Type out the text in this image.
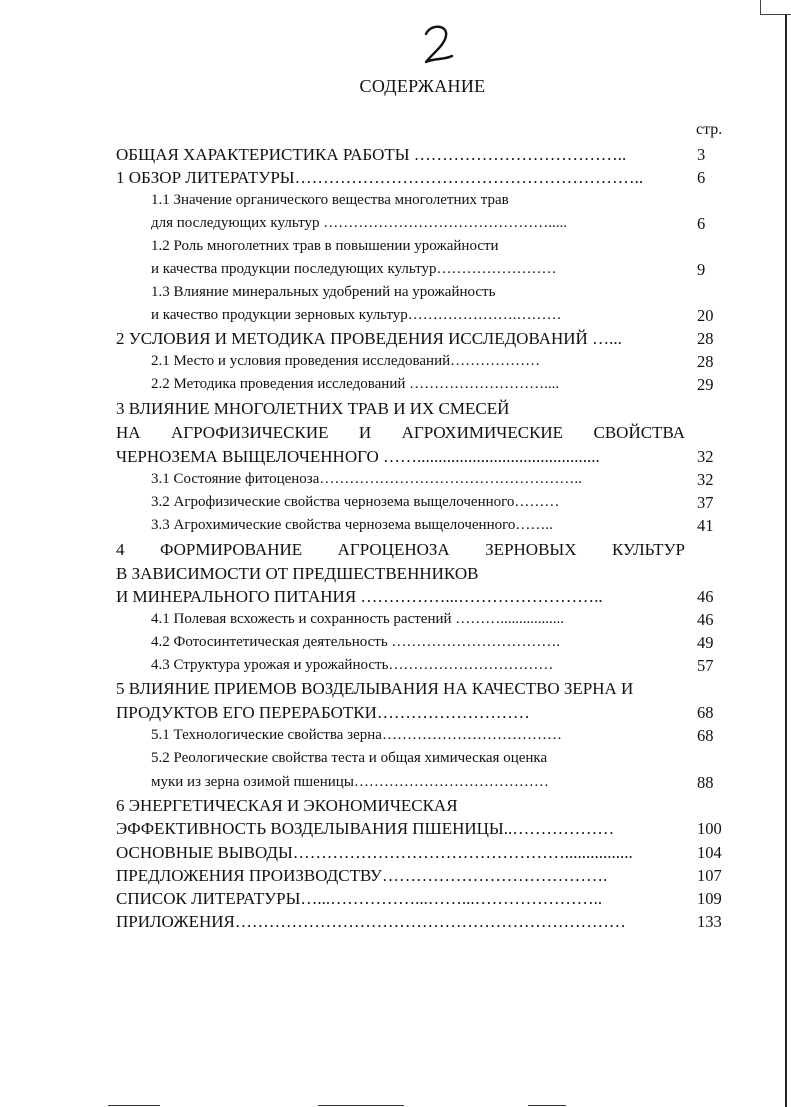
СОДЕРЖАНИЕ
стр.
ОБЩАЯ ХАРАКТЕРИСТИКА РАБОТЫ ………………………………..	3
1 ОБЗОР ЛИТЕРАТУРЫ……………………………………………………..	6
1.1 Значение органического вещества многолетних трав
для последующих культур ……………………………………….....	6
1.2 Роль многолетних трав в повышении урожайности
и качества продукции последующих культур……………………	9
1.3 Влияние минеральных удобрений на урожайность
и качество продукции зерновых культур………………….………	20
2 УСЛОВИЯ И МЕТОДИКА ПРОВЕДЕНИЯ ИССЛЕДОВАНИЙ …...	28
2.1 Место и условия проведения исследований………………	28
2.2 Методика проведения исследований ………………………....	29
3 ВЛИЯНИЕ МНОГОЛЕТНИХ ТРАВ И ИХ СМЕСЕЙ
НА АГРОФИЗИЧЕСКИЕ И АГРОХИМИЧЕСКИЕ СВОЙСТВА
ЧЕРНОЗЕМА ВЫЩЕЛОЧЕННОГО ……...........................................	32
3.1 Состояние фитоценоза……………………………………………..	32
3.2 Агрофизические свойства чернозема выщелоченного………	37
3.3 Агрохимические свойства чернозема выщелоченного……..	41
4 ФОРМИРОВАНИЕ АГРОЦЕНОЗА ЗЕРНОВЫХ КУЛЬТУР
В ЗАВИСИМОСТИ ОТ ПРЕДШЕСТВЕННИКОВ
И МИНЕРАЛЬНОГО ПИТАНИЯ ……………...……………………..	46
4.1 Полевая всхожесть и сохранность растений ……….................	46
4.2 Фотосинтетическая деятельность …………………………….	49
4.3 Структура урожая и урожайность……………………………	57
5 ВЛИЯНИЕ ПРИЕМОВ ВОЗДЕЛЫВАНИЯ НА КАЧЕСТВО ЗЕРНА И
ПРОДУКТОВ ЕГО ПЕРЕРАБОТКИ………………………	68
5.1 Технологические свойства зерна………………………………	68
5.2 Реологические свойства теста и общая химическая оценка
муки из зерна озимой пшеницы…………………………………	88
6 ЭНЕРГЕТИЧЕСКАЯ И ЭКОНОМИЧЕСКАЯ
ЭФФЕКТИВНОСТЬ ВОЗДЕЛЫВАНИЯ ПШЕНИЦЫ..………………	100
ОСНОВНЫЕ ВЫВОДЫ…………………………………………................	104
ПРЕДЛОЖЕНИЯ ПРОИЗВОДСТВУ………………………………….	107
СПИСОК ЛИТЕРАТУРЫ…...……………...……...…………………..	109
ПРИЛОЖЕНИЯ……………………………………………………………	133
